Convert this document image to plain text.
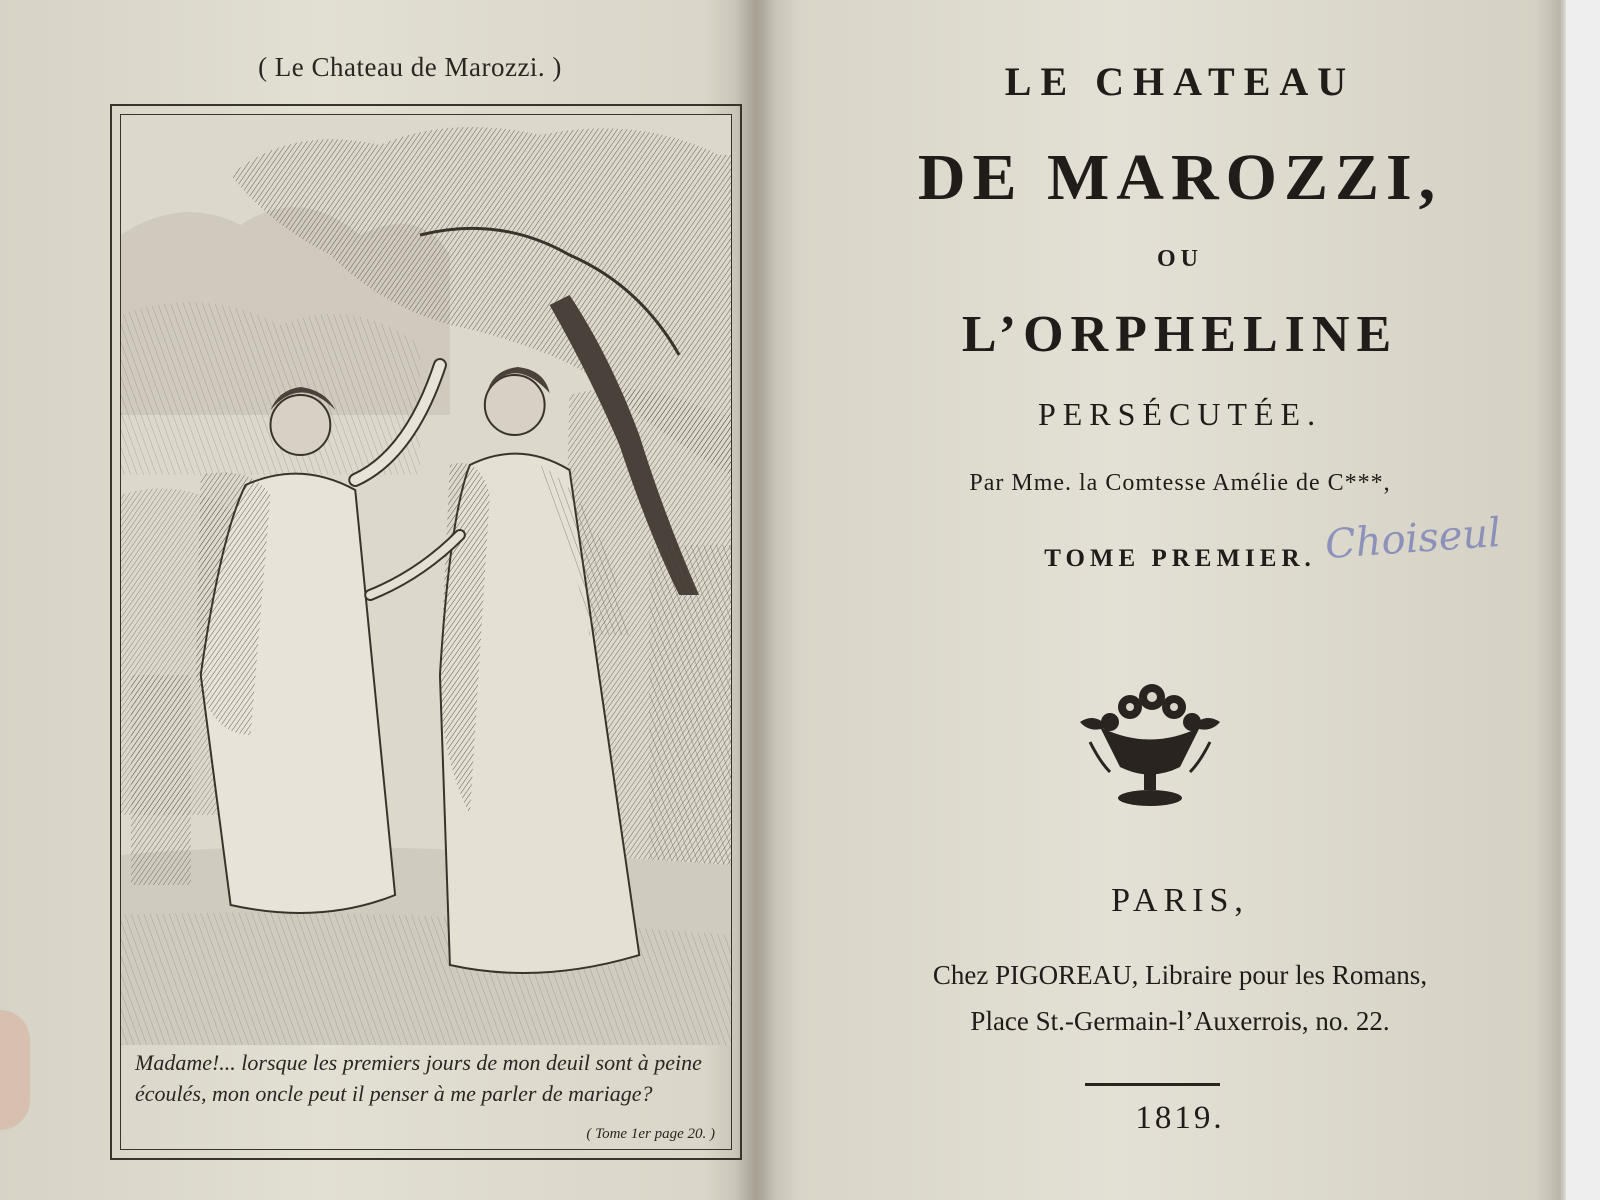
( Le Chateau de Marozzi. )
Madame!... lorsque les premiers jours de mon deuil sont à peine
écoulés, mon oncle peut il penser à me parler de mariage?
( Tome 1er page 20. )
LE CHATEAU
DE MAROZZI,
OU
L’ORPHELINE
PERSÉCUTÉE.
Par Mme. la Comtesse Amélie de C***,
TOME PREMIER. Choiseul
PARIS,
Chez PIGOREAU, Libraire pour les Romans,
Place St.-Germain-l’Auxerrois, no. 22.
1819.
